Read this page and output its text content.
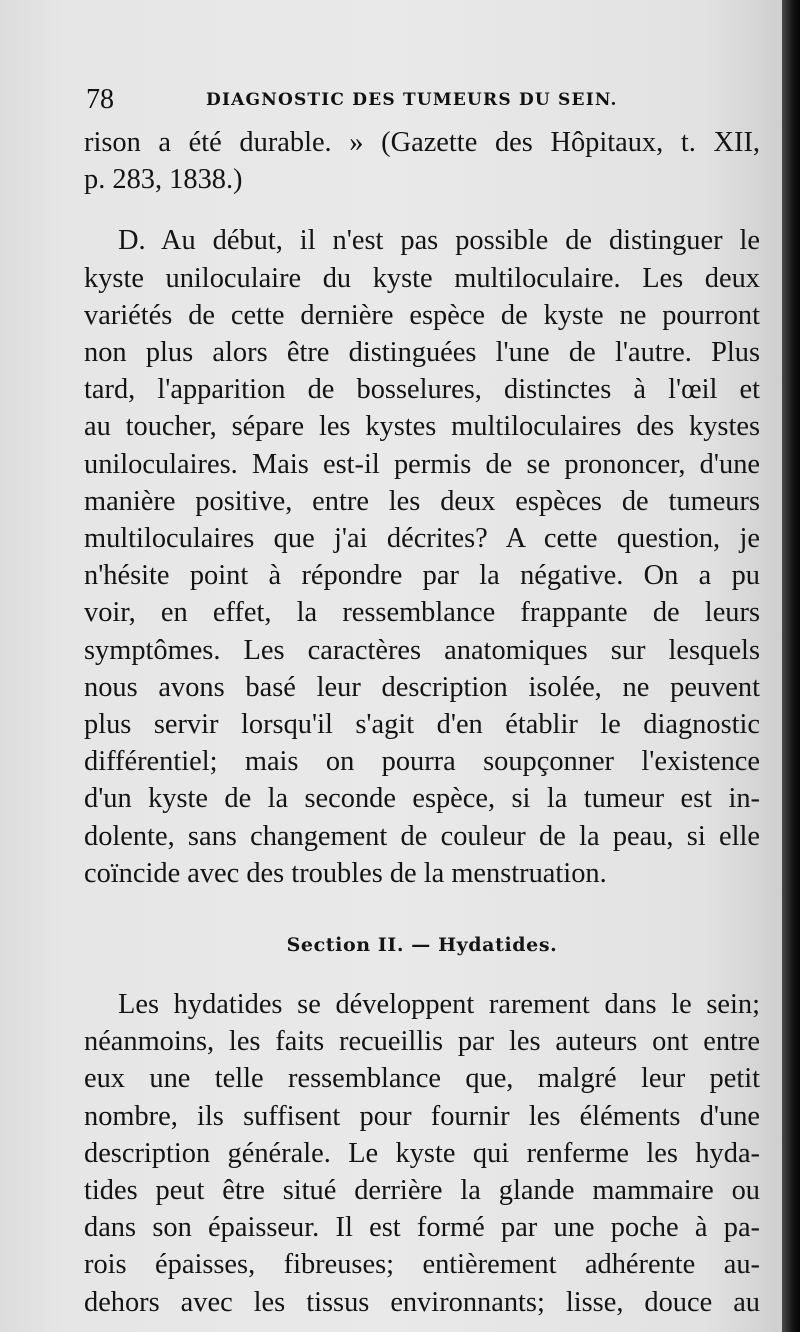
78	DIAGNOSTIC DES TUMEURS DU SEIN.
rison a été durable. » (Gazette des Hôpitaux, t. XII,
p. 283, 1838.)
D. Au début, il n'est pas possible de distinguer le
kyste uniloculaire du kyste multiloculaire. Les deux
variétés de cette dernière espèce de kyste ne pourront
non plus alors être distinguées l'une de l'autre. Plus
tard, l'apparition de bosselures, distinctes à l'œil et
au toucher, sépare les kystes multiloculaires des kystes
uniloculaires. Mais est-il permis de se prononcer, d'une
manière positive, entre les deux espèces de tumeurs
multiloculaires que j'ai décrites? A cette question, je
n'hésite point à répondre par la négative. On a pu
voir, en effet, la ressemblance frappante de leurs
symptômes. Les caractères anatomiques sur lesquels
nous avons basé leur description isolée, ne peuvent
plus servir lorsqu'il s'agit d'en établir le diagnostic
différentiel; mais on pourra soupçonner l'existence
d'un kyste de la seconde espèce, si la tumeur est in-
dolente, sans changement de couleur de la peau, si elle
coïncide avec des troubles de la menstruation.
Section II. — Hydatides.
Les hydatides se développent rarement dans le sein;
néanmoins, les faits recueillis par les auteurs ont entre
eux une telle ressemblance que, malgré leur petit
nombre, ils suffisent pour fournir les éléments d'une
description générale. Le kyste qui renferme les hyda-
tides peut être situé derrière la glande mammaire ou
dans son épaisseur. Il est formé par une poche à pa-
rois épaisses, fibreuses; entièrement adhérente au-
dehors avec les tissus environnants; lisse, douce au
